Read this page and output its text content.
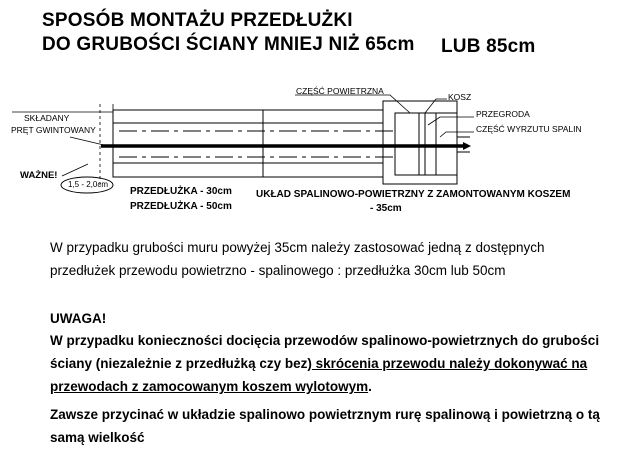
SPOSÓB MONTAŻU PRZEDŁUŻKI
DO GRUBOŚCI ŚCIANY MNIEJ NIŻ 65cm LUB 85cm
CZĘŚĆ POWIETRZNA
KOSZ
PRZEGRODA
CZĘŚĆ WYRZUTU SPALIN
SKŁADANY
PRĘT GWINTOWANY
WAŻNE!
1,5 - 2,0cm
PRZEDŁUŻKA - 30cm
PRZEDŁUŻKA - 50cm
UKŁAD SPALINOWO-POWIETRZNY Z ZAMONTOWANYM KOSZEM
- 35cm
W przypadku grubości muru powyżej 35cm należy zastosować jedną z dostępnych przedłużek przewodu powietrzno - spalinowego : przedłużka 30cm lub 50cm
UWAGA!
W przypadku konieczności docięcia przewodów spalinowo-powietrznych do grubości ściany (niezależnie z przedłużką czy bez) skrócenia przewodu należy dokonywać na przewodach z zamocowanym koszem wylotowym.
Zawsze przycinać w układzie spalinowo powietrznym rurę spalinową i powietrzną o tą samą wielkość
